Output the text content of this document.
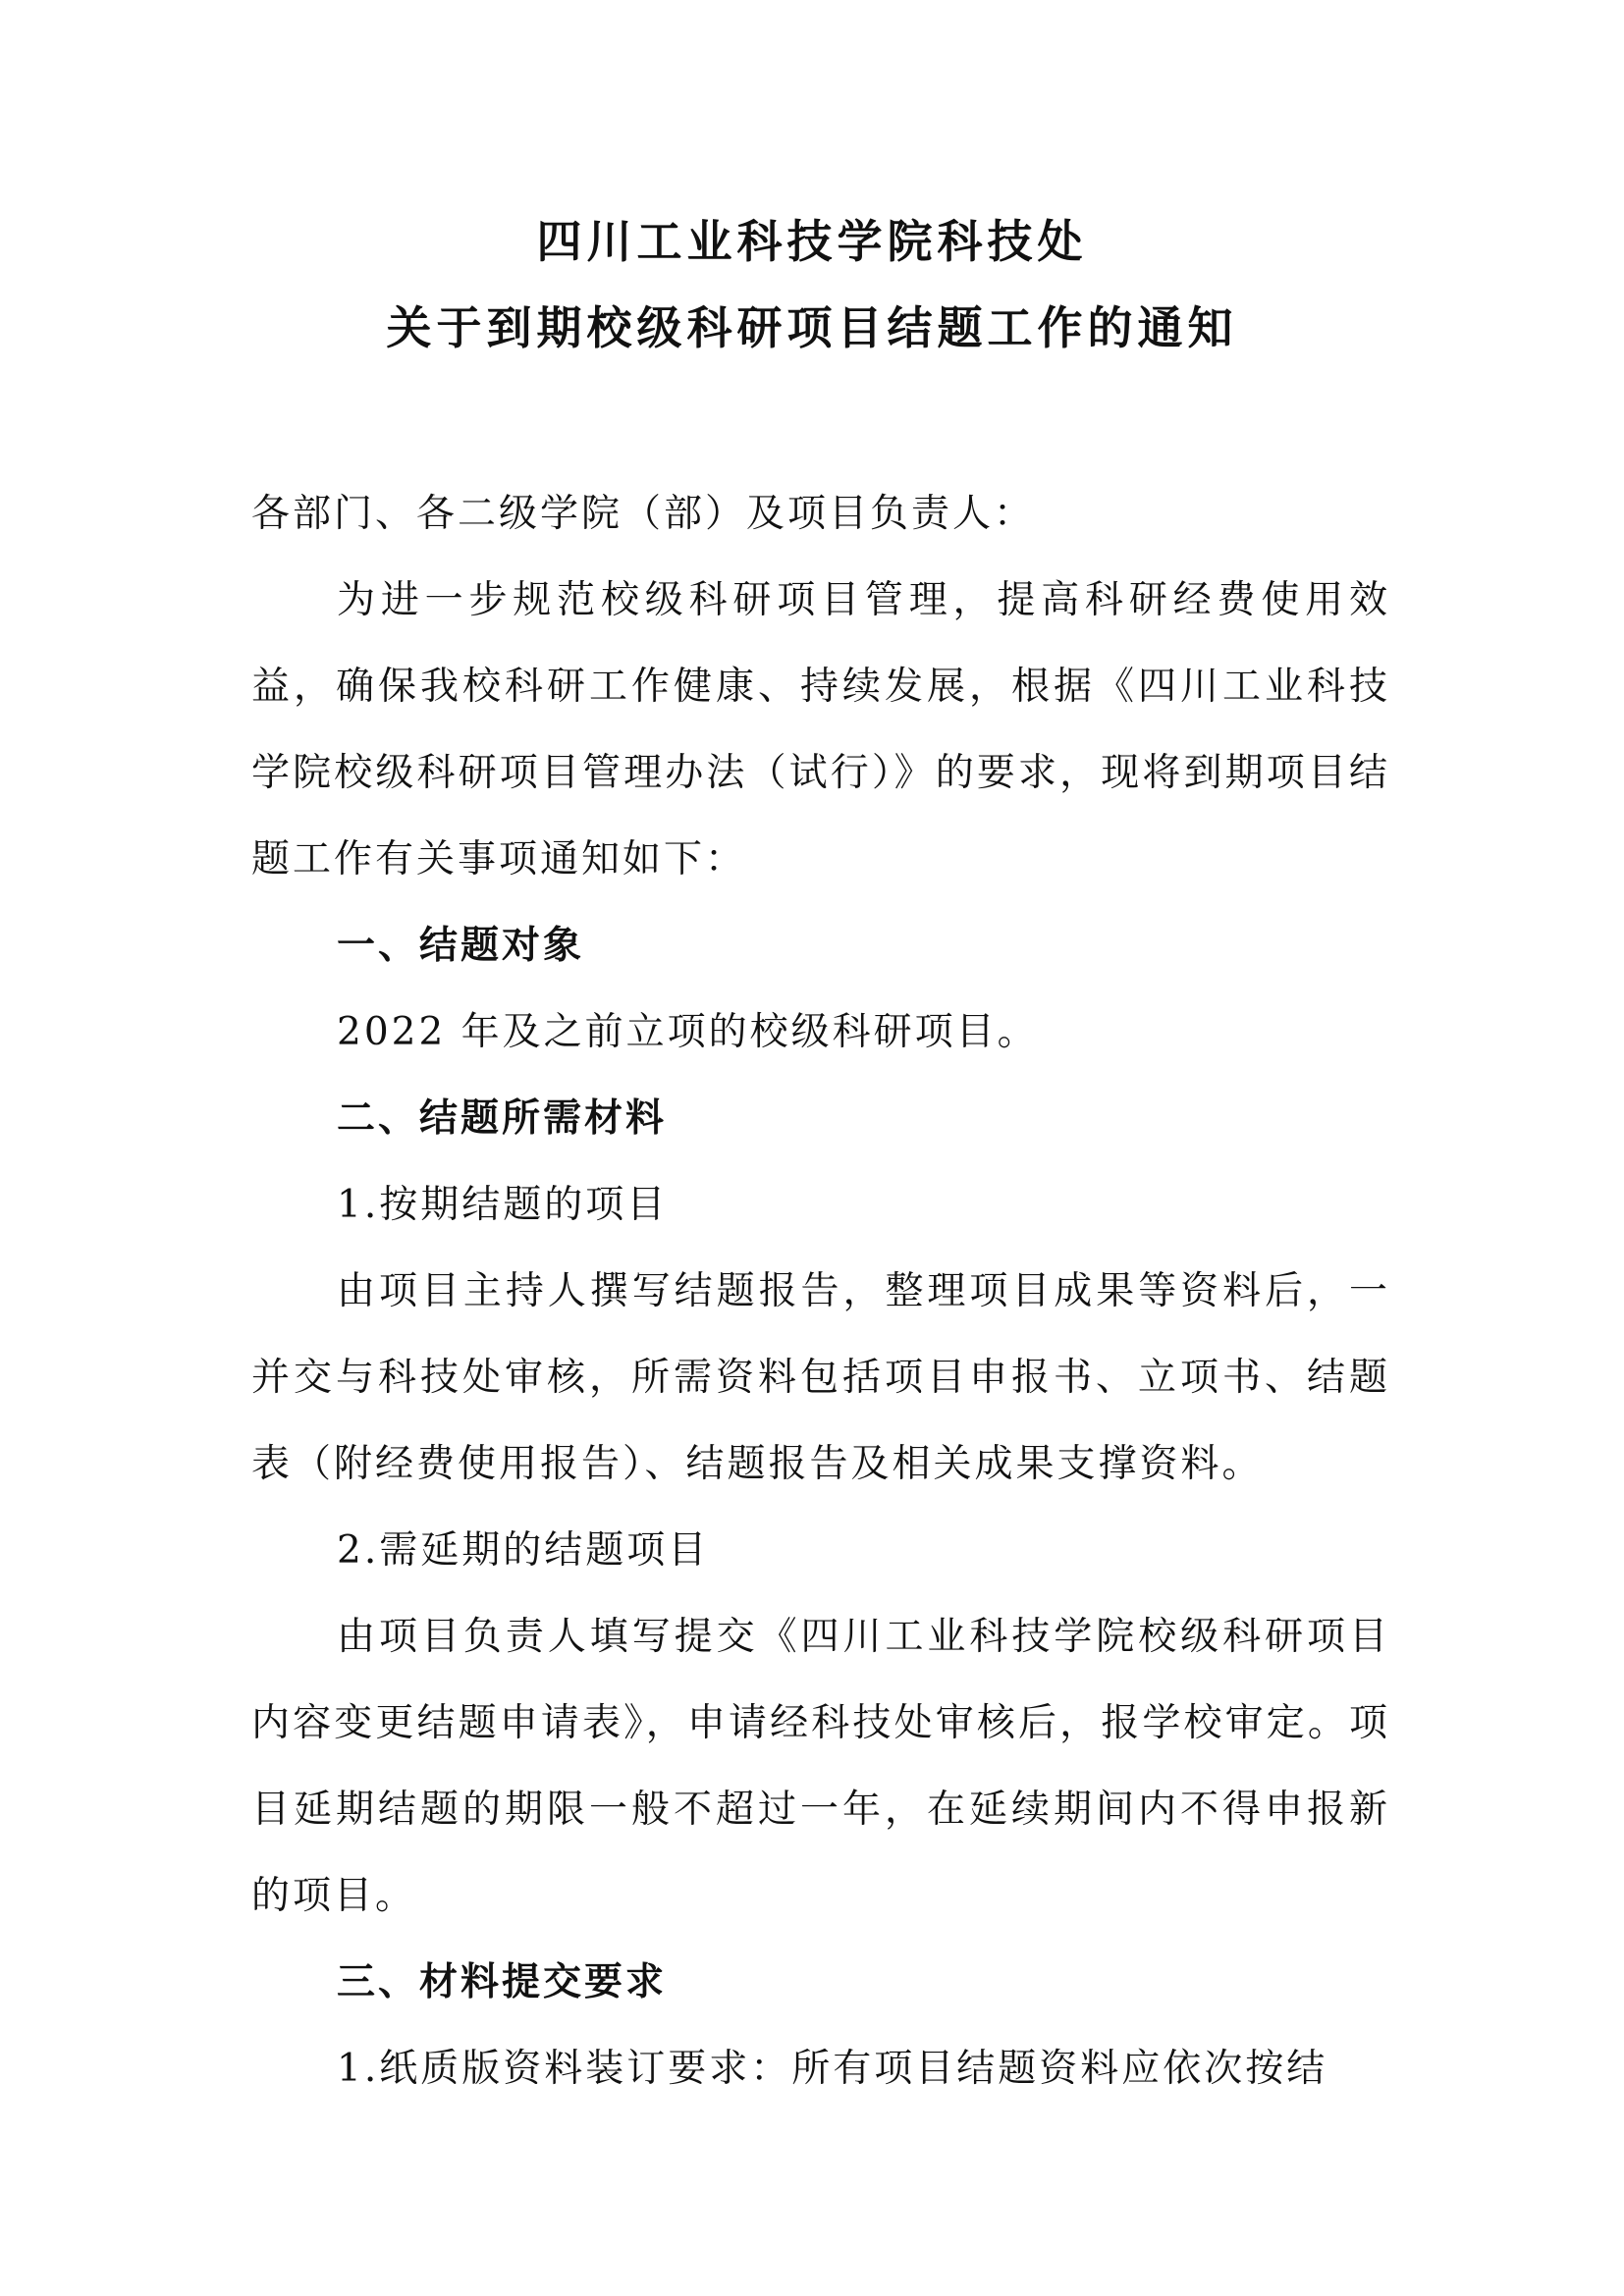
四川工业科技学院科技处
关于到期校级科研项目结题工作的通知

各部门、各二级学院（部）及项目负责人：

为进一步规范校级科研项目管理，提高科研经费使用效益，确保我校科研工作健康、持续发展，根据《四川工业科技学院校级科研项目管理办法（试行）》的要求，现将到期项目结题工作有关事项通知如下：

一、结题对象

2022 年及之前立项的校级科研项目。

二、结题所需材料

1.按期结题的项目

由项目主持人撰写结题报告，整理项目成果等资料后，一并交与科技处审核，所需资料包括项目申报书、立项书、结题表（附经费使用报告）、结题报告及相关成果支撑资料。

2.需延期的结题项目

由项目负责人填写提交《四川工业科技学院校级科研项目内容变更结题申请表》，申请经科技处审核后，报学校审定。项目延期结题的期限一般不超过一年，在延续期间内不得申报新的项目。

三、材料提交要求

1.纸质版资料装订要求：所有项目结题资料应依次按结
